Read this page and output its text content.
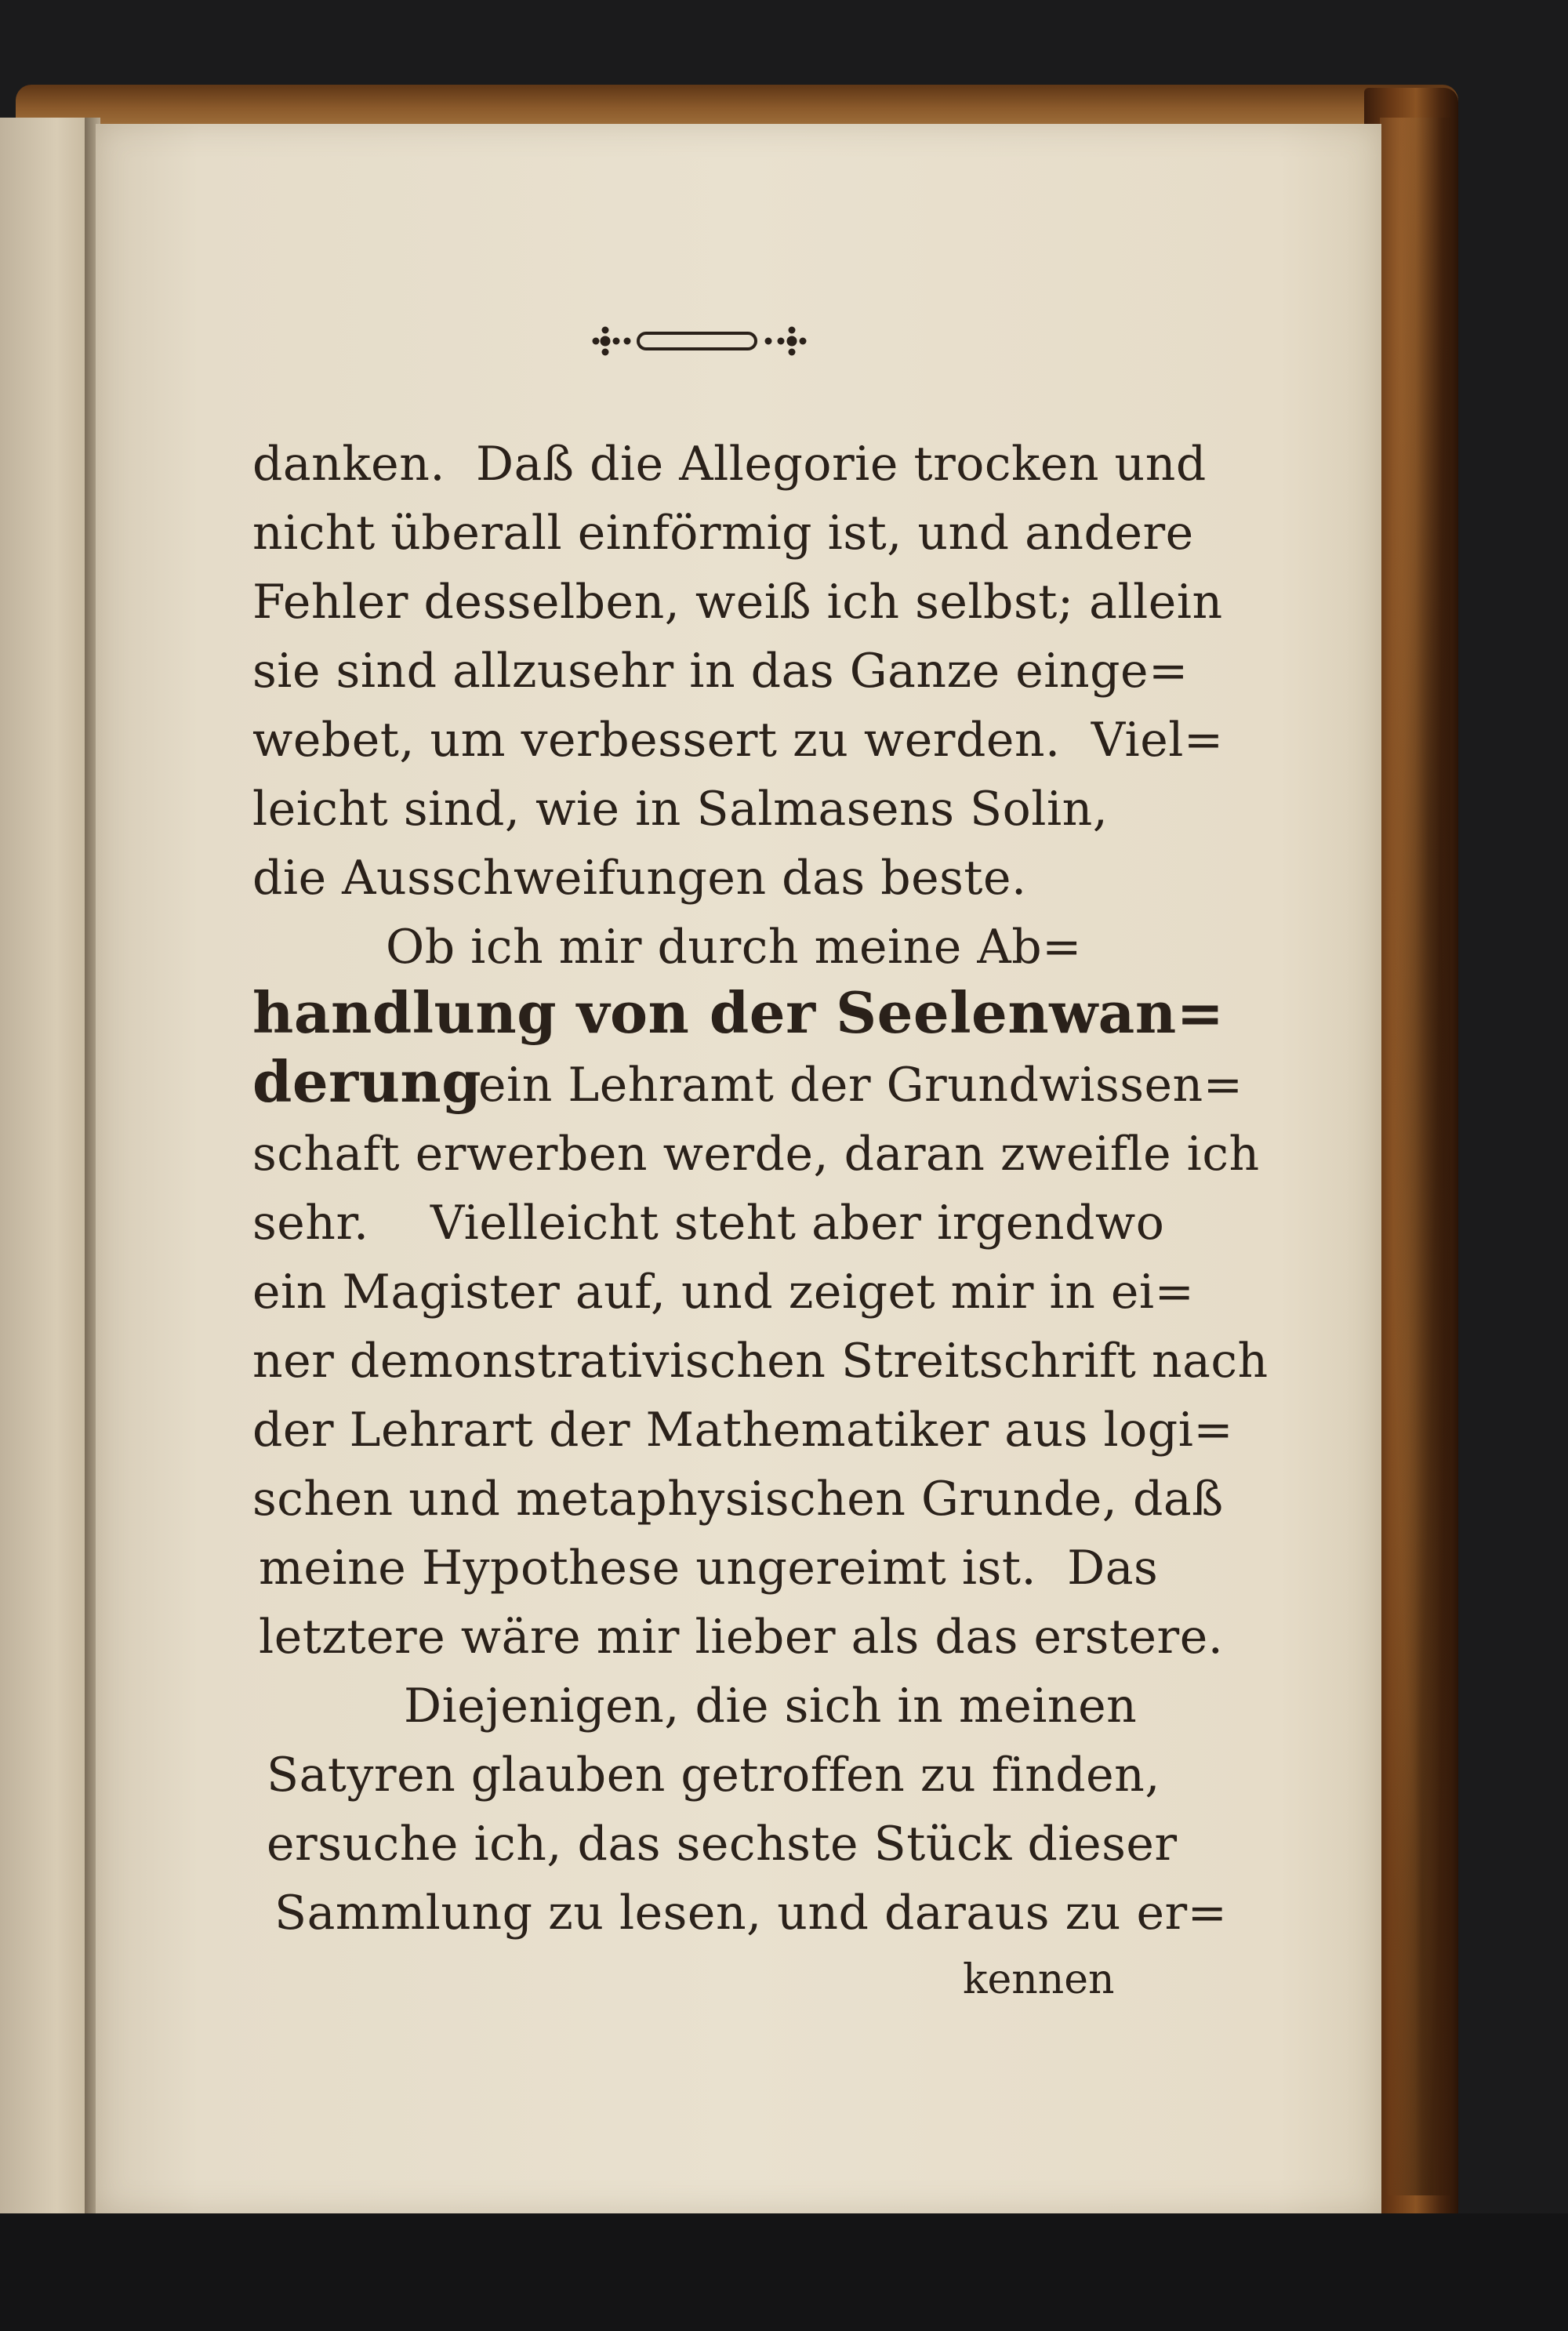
danken.  Daß die Allegorie trocken und
nicht überall einförmig ist, und andere
Fehler desselben, weiß ich selbst; allein
sie sind allzusehr in das Ganze einge=
webet, um verbessert zu werden.  Viel=
leicht sind, wie in Salmasens Solin,
die Ausschweifungen das beste.
Ob ich mir durch meine Ab=
handlung von der Seelenwan=
derung
ein Lehramt der Grundwissen=
schaft erwerben werde, daran zweifle ich
sehr.    Vielleicht steht aber irgendwo
ein Magister auf, und zeiget mir in ei=
ner demonstrativischen Streitschrift nach
der Lehrart der Mathematiker aus logi=
schen und metaphysischen Grunde, daß
meine Hypothese ungereimt ist.  Das
letztere wäre mir lieber als das erstere.
Diejenigen, die sich in meinen
Satyren glauben getroffen zu finden,
ersuche ich, das sechste Stück dieser
Sammlung zu lesen, und daraus zu er=
kennen
